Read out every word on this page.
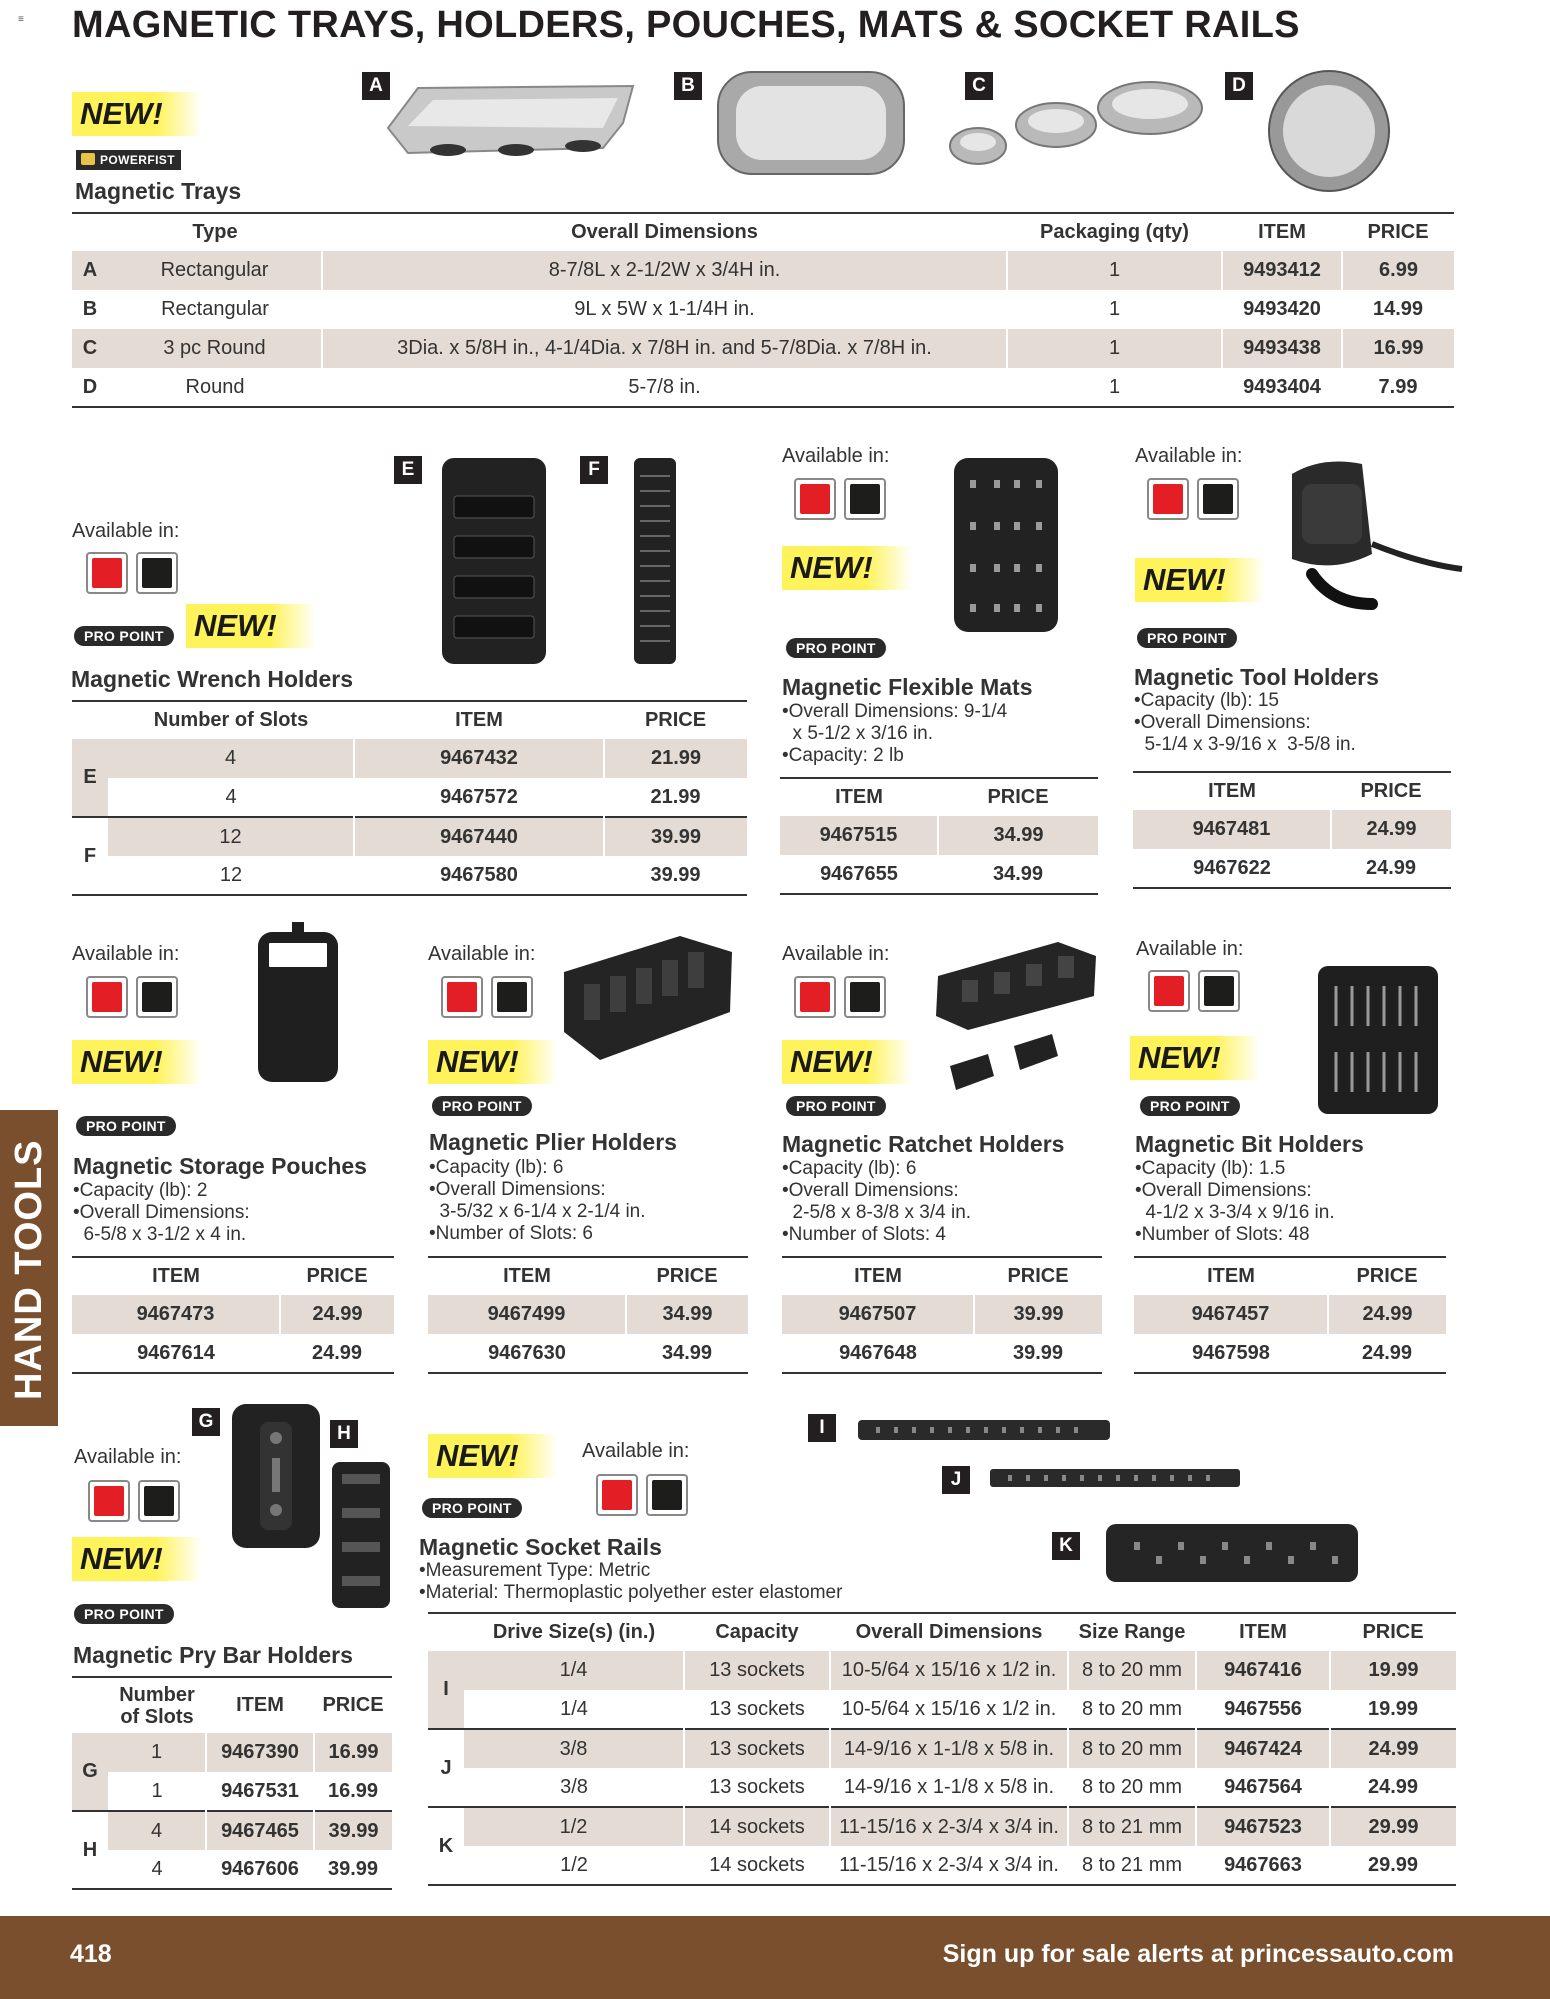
≡ MAGNETIC TRAYS, HOLDERS, POUCHES, MATS & SOCKET RAILS
NEW!
POWERFIST
Magnetic Trays
A	B	C	D
	Type	Overall Dimensions	Packaging (qty)	ITEM	PRICE
A	Rectangular	8-7/8L x 2-1/2W x 3/4H in.	1	9493412	6.99
B	Rectangular	9L x 5W x 1-1/4H in.	1	9493420	14.99
C	3 pc Round	3Dia. x 5/8H in., 4-1/4Dia. x 7/8H in. and 5-7/8Dia. x 7/8H in.	1	9493438	16.99
D	Round	5-7/8 in.	1	9493404	7.99
Available in:
PRO POINT NEW!
Magnetic Wrench Holders
E	F
	Number of Slots	ITEM	PRICE
E	4	9467432	21.99
	4	9467572	21.99
F	12	9467440	39.99
	12	9467580	39.99
Available in:
NEW!
PRO POINT
Magnetic Flexible Mats
•Overall Dimensions: 9-1/4
x 5-1/2 x 3/16 in.
•Capacity: 2 lb
ITEM	PRICE
9467515	34.99
9467655	34.99
Available in:
NEW!
PRO POINT
Magnetic Tool Holders
•Capacity (lb): 15
•Overall Dimensions:
5-1/4 x 3-9/16 x  3-5/8 in.
ITEM	PRICE
9467481	24.99
9467622	24.99
Available in:
NEW!
PRO POINT
Magnetic Storage Pouches
•Capacity (lb): 2
•Overall Dimensions:
6-5/8 x 3-1/2 x 4 in.
ITEM	PRICE
9467473	24.99
9467614	24.99
Available in:
NEW!
PRO POINT
Magnetic Plier Holders
•Capacity (lb): 6
•Overall Dimensions:
3-5/32 x 6-1/4 x 2-1/4 in.
•Number of Slots: 6
ITEM	PRICE
9467499	34.99
9467630	34.99
Available in:
NEW!
PRO POINT
Magnetic Ratchet Holders
•Capacity (lb): 6
•Overall Dimensions:
2-5/8 x 8-3/8 x 3/4 in.
•Number of Slots: 4
ITEM	PRICE
9467507	39.99
9467648	39.99
Available in:
NEW!
PRO POINT
Magnetic Bit Holders
•Capacity (lb): 1.5
•Overall Dimensions:
4-1/2 x 3-3/4 x 9/16 in.
•Number of Slots: 48
ITEM	PRICE
9467457	24.99
9467598	24.99
HAND TOOLS
Available in:
NEW!
PRO POINT
Magnetic Pry Bar Holders
G
H
	Number of Slots	ITEM	PRICE
G	1	9467390	16.99
	1	9467531	16.99
H	4	9467465	39.99
	4	9467606	39.99
NEW!	Available in:
PRO POINT
Magnetic Socket Rails
•Measurement Type: Metric
•Material: Thermoplastic polyether ester elastomer
I
J
K
	Drive Size(s) (in.)	Capacity	Overall Dimensions	Size Range	ITEM	PRICE
I	1/4	13 sockets	10-5/64 x 15/16 x 1/2 in.	8 to 20 mm	9467416	19.99
	1/4	13 sockets	10-5/64 x 15/16 x 1/2 in.	8 to 20 mm	9467556	19.99
J	3/8	13 sockets	14-9/16 x 1-1/8 x 5/8 in.	8 to 20 mm	9467424	24.99
	3/8	13 sockets	14-9/16 x 1-1/8 x 5/8 in.	8 to 20 mm	9467564	24.99
K	1/2	14 sockets	11-15/16 x 2-3/4 x 3/4 in.	8 to 21 mm	9467523	29.99
	1/2	14 sockets	11-15/16 x 2-3/4 x 3/4 in.	8 to 21 mm	9467663	29.99
418	Sign up for sale alerts at princessauto.com
